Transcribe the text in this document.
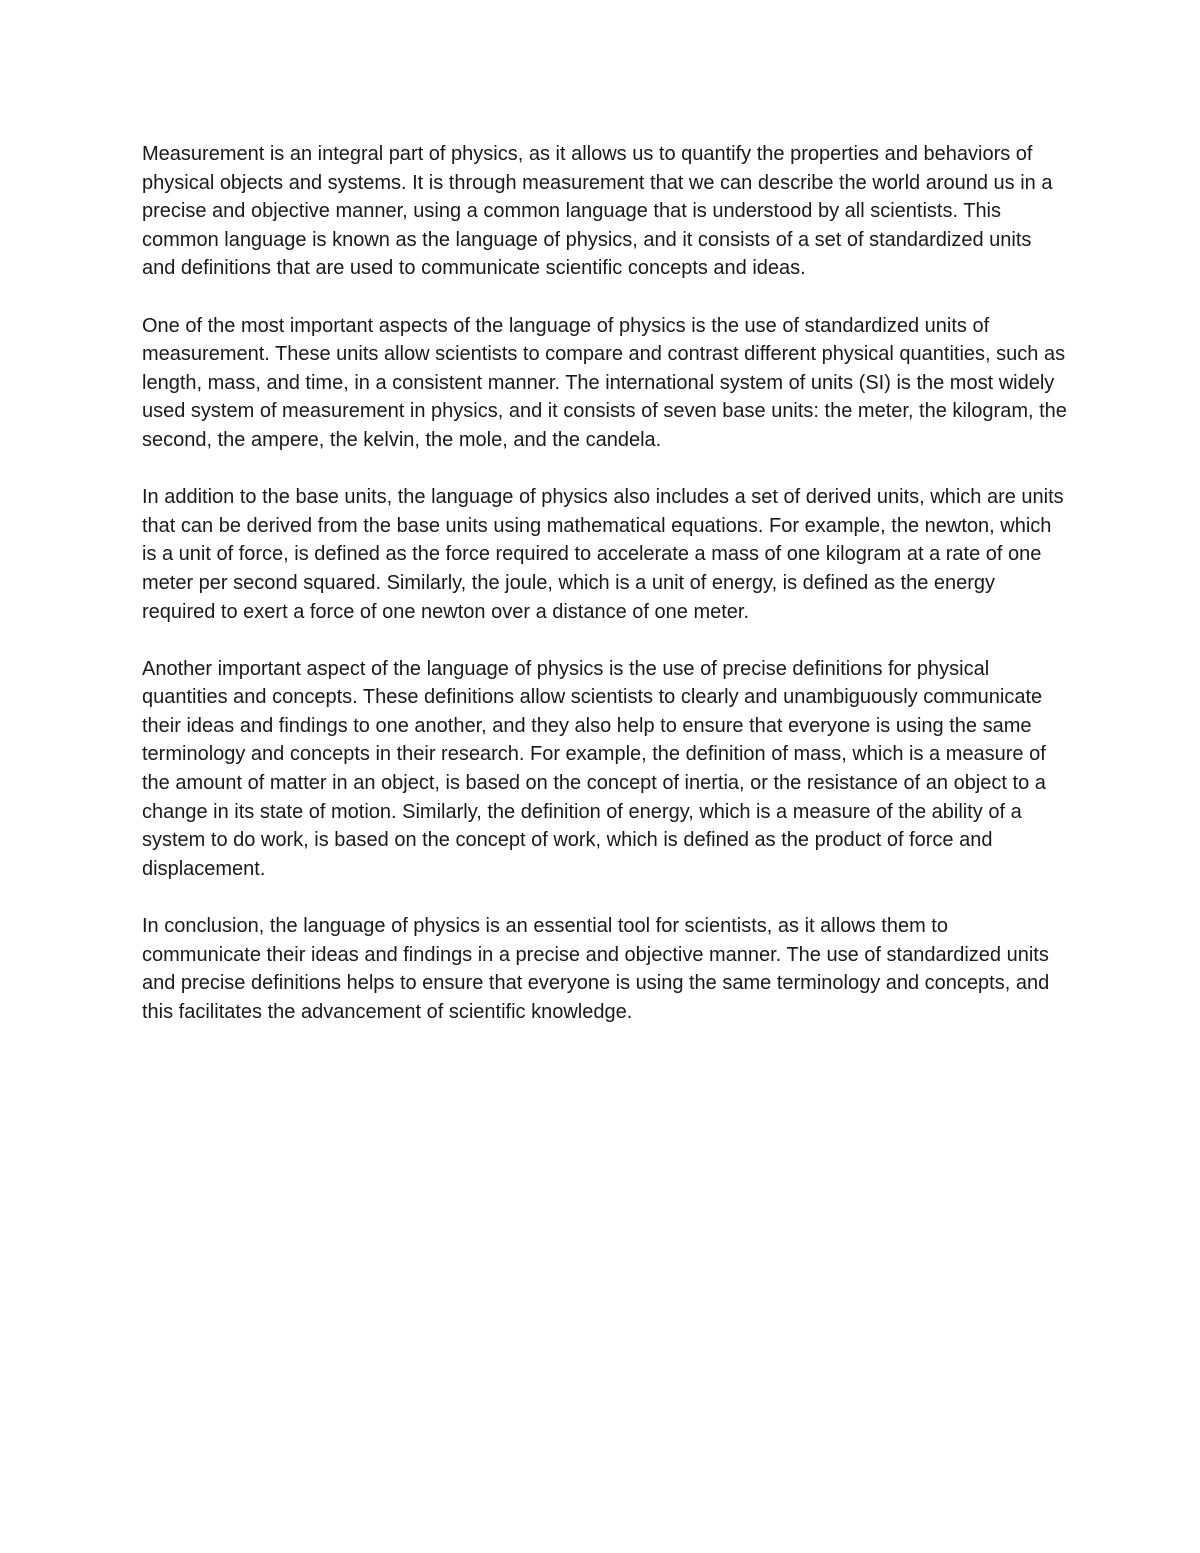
Measurement is an integral part of physics, as it allows us to quantify the properties and behaviors of physical objects and systems. It is through measurement that we can describe the world around us in a precise and objective manner, using a common language that is understood by all scientists. This common language is known as the language of physics, and it consists of a set of standardized units and definitions that are used to communicate scientific concepts and ideas.

One of the most important aspects of the language of physics is the use of standardized units of measurement. These units allow scientists to compare and contrast different physical quantities, such as length, mass, and time, in a consistent manner. The international system of units (SI) is the most widely used system of measurement in physics, and it consists of seven base units: the meter, the kilogram, the second, the ampere, the kelvin, the mole, and the candela.

In addition to the base units, the language of physics also includes a set of derived units, which are units that can be derived from the base units using mathematical equations. For example, the newton, which is a unit of force, is defined as the force required to accelerate a mass of one kilogram at a rate of one meter per second squared. Similarly, the joule, which is a unit of energy, is defined as the energy required to exert a force of one newton over a distance of one meter.

Another important aspect of the language of physics is the use of precise definitions for physical quantities and concepts. These definitions allow scientists to clearly and unambiguously communicate their ideas and findings to one another, and they also help to ensure that everyone is using the same terminology and concepts in their research. For example, the definition of mass, which is a measure of the amount of matter in an object, is based on the concept of inertia, or the resistance of an object to a change in its state of motion. Similarly, the definition of energy, which is a measure of the ability of a system to do work, is based on the concept of work, which is defined as the product of force and displacement.

In conclusion, the language of physics is an essential tool for scientists, as it allows them to communicate their ideas and findings in a precise and objective manner. The use of standardized units and precise definitions helps to ensure that everyone is using the same terminology and concepts, and this facilitates the advancement of scientific knowledge.
